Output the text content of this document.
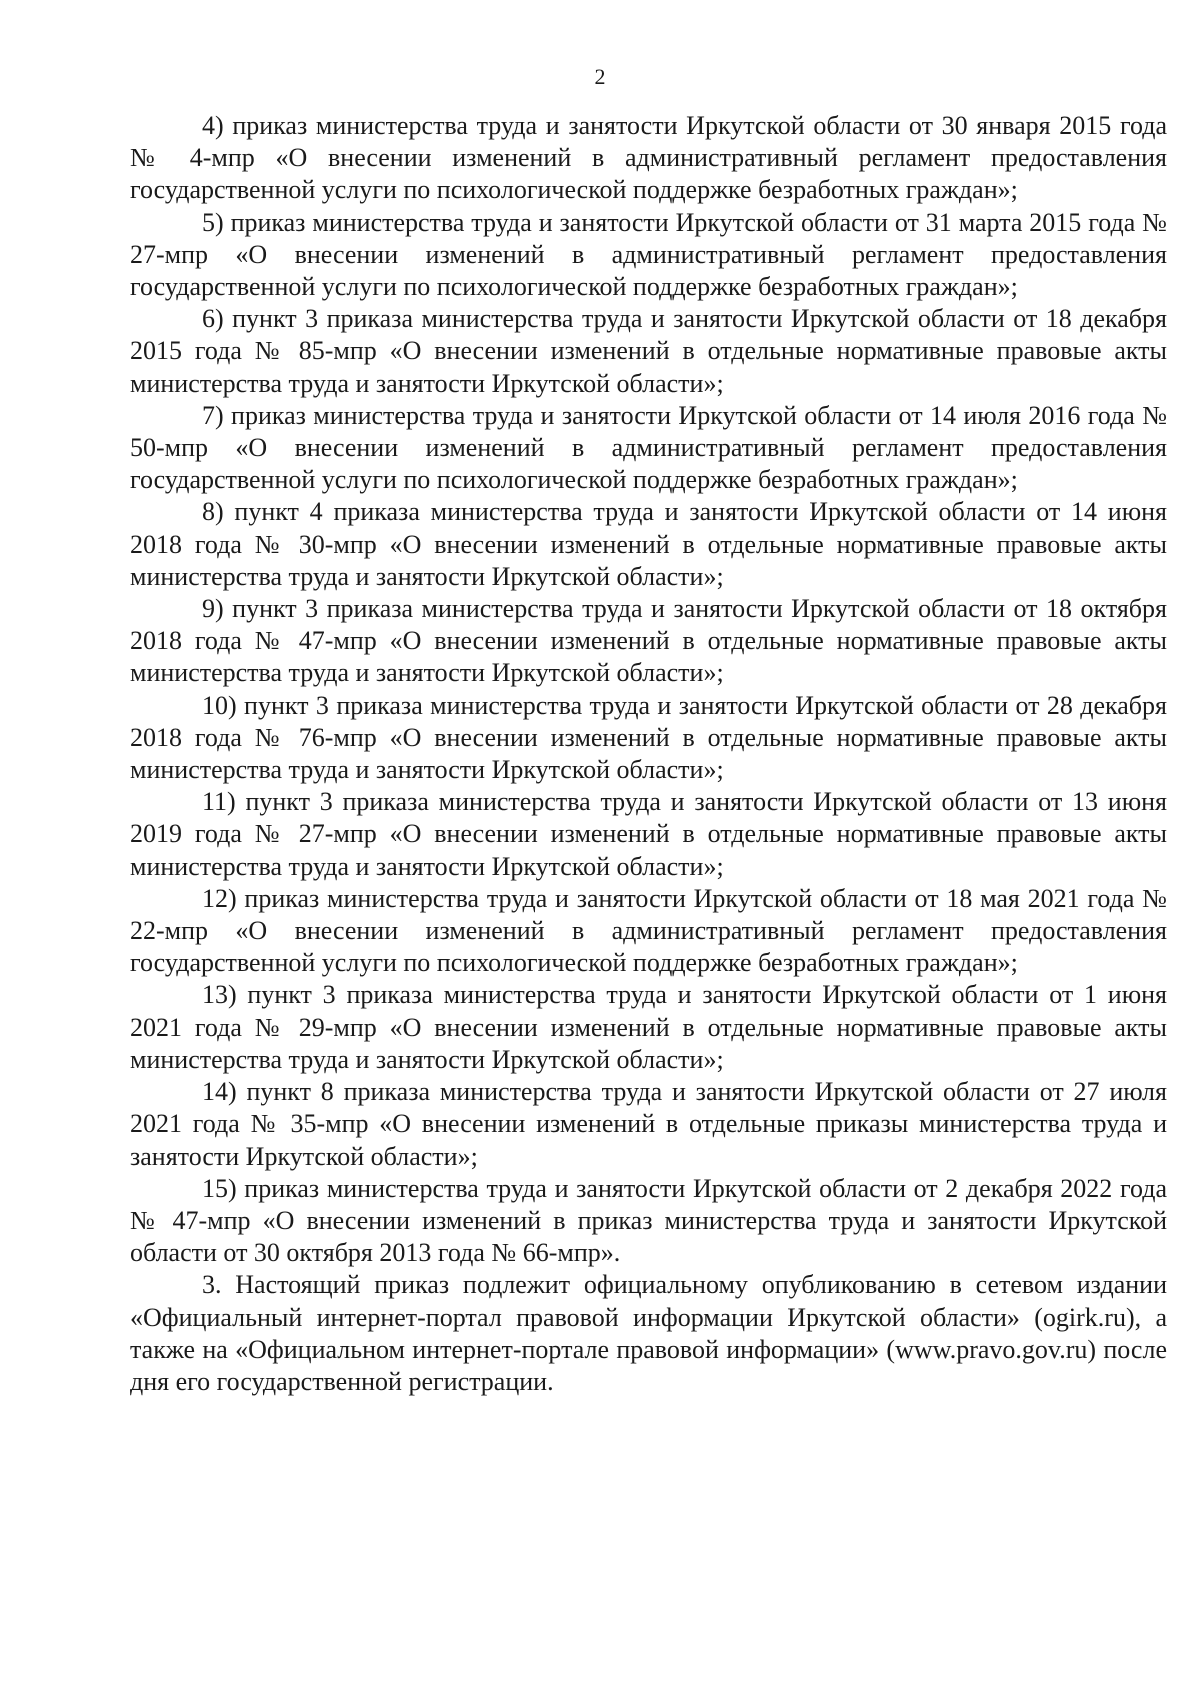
2

4) приказ министерства труда и занятости Иркутской области от 30 января 2015 года № 4-мпр «О внесении изменений в административный регламент предоставления государственной услуги по психологической поддержке безработных граждан»;

5) приказ министерства труда и занятости Иркутской области от 31 марта 2015 года № 27-мпр «О внесении изменений в административный регламент предоставления государственной услуги по психологической поддержке безработных граждан»;

6) пункт 3 приказа министерства труда и занятости Иркутской области от 18 декабря 2015 года № 85-мпр «О внесении изменений в отдельные нормативные правовые акты министерства труда и занятости Иркутской области»;

7) приказ министерства труда и занятости Иркутской области от 14 июля 2016 года № 50-мпр «О внесении изменений в административный регламент предоставления государственной услуги по психологической поддержке безработных граждан»;

8) пункт 4 приказа министерства труда и занятости Иркутской области от 14 июня 2018 года № 30-мпр «О внесении изменений в отдельные нормативные правовые акты министерства труда и занятости Иркутской области»;

9) пункт 3 приказа министерства труда и занятости Иркутской области от 18 октября 2018 года № 47-мпр «О внесении изменений в отдельные нормативные правовые акты министерства труда и занятости Иркутской области»;

10) пункт 3 приказа министерства труда и занятости Иркутской области от 28 декабря 2018 года № 76-мпр «О внесении изменений в отдельные нормативные правовые акты министерства труда и занятости Иркутской области»;

11) пункт 3 приказа министерства труда и занятости Иркутской области от 13 июня 2019 года № 27-мпр «О внесении изменений в отдельные нормативные правовые акты министерства труда и занятости Иркутской области»;

12) приказ министерства труда и занятости Иркутской области от 18 мая 2021 года № 22-мпр «О внесении изменений в административный регламент предоставления государственной услуги по психологической поддержке безработных граждан»;

13) пункт 3 приказа министерства труда и занятости Иркутской области от 1 июня 2021 года № 29-мпр «О внесении изменений в отдельные нормативные правовые акты министерства труда и занятости Иркутской области»;

14) пункт 8 приказа министерства труда и занятости Иркутской области от 27 июля 2021 года № 35-мпр «О внесении изменений в отдельные приказы министерства труда и занятости Иркутской области»;

15) приказ министерства труда и занятости Иркутской области от 2 декабря 2022 года № 47-мпр «О внесении изменений в приказ министерства труда и занятости Иркутской области от 30 октября 2013 года № 66-мпр».

3. Настоящий приказ подлежит официальному опубликованию в сетевом издании «Официальный интернет-портал правовой информации Иркутской области» (ogirk.ru), а также на «Официальном интернет-портале правовой информации» (www.pravo.gov.ru) после дня его государственной регистрации.
